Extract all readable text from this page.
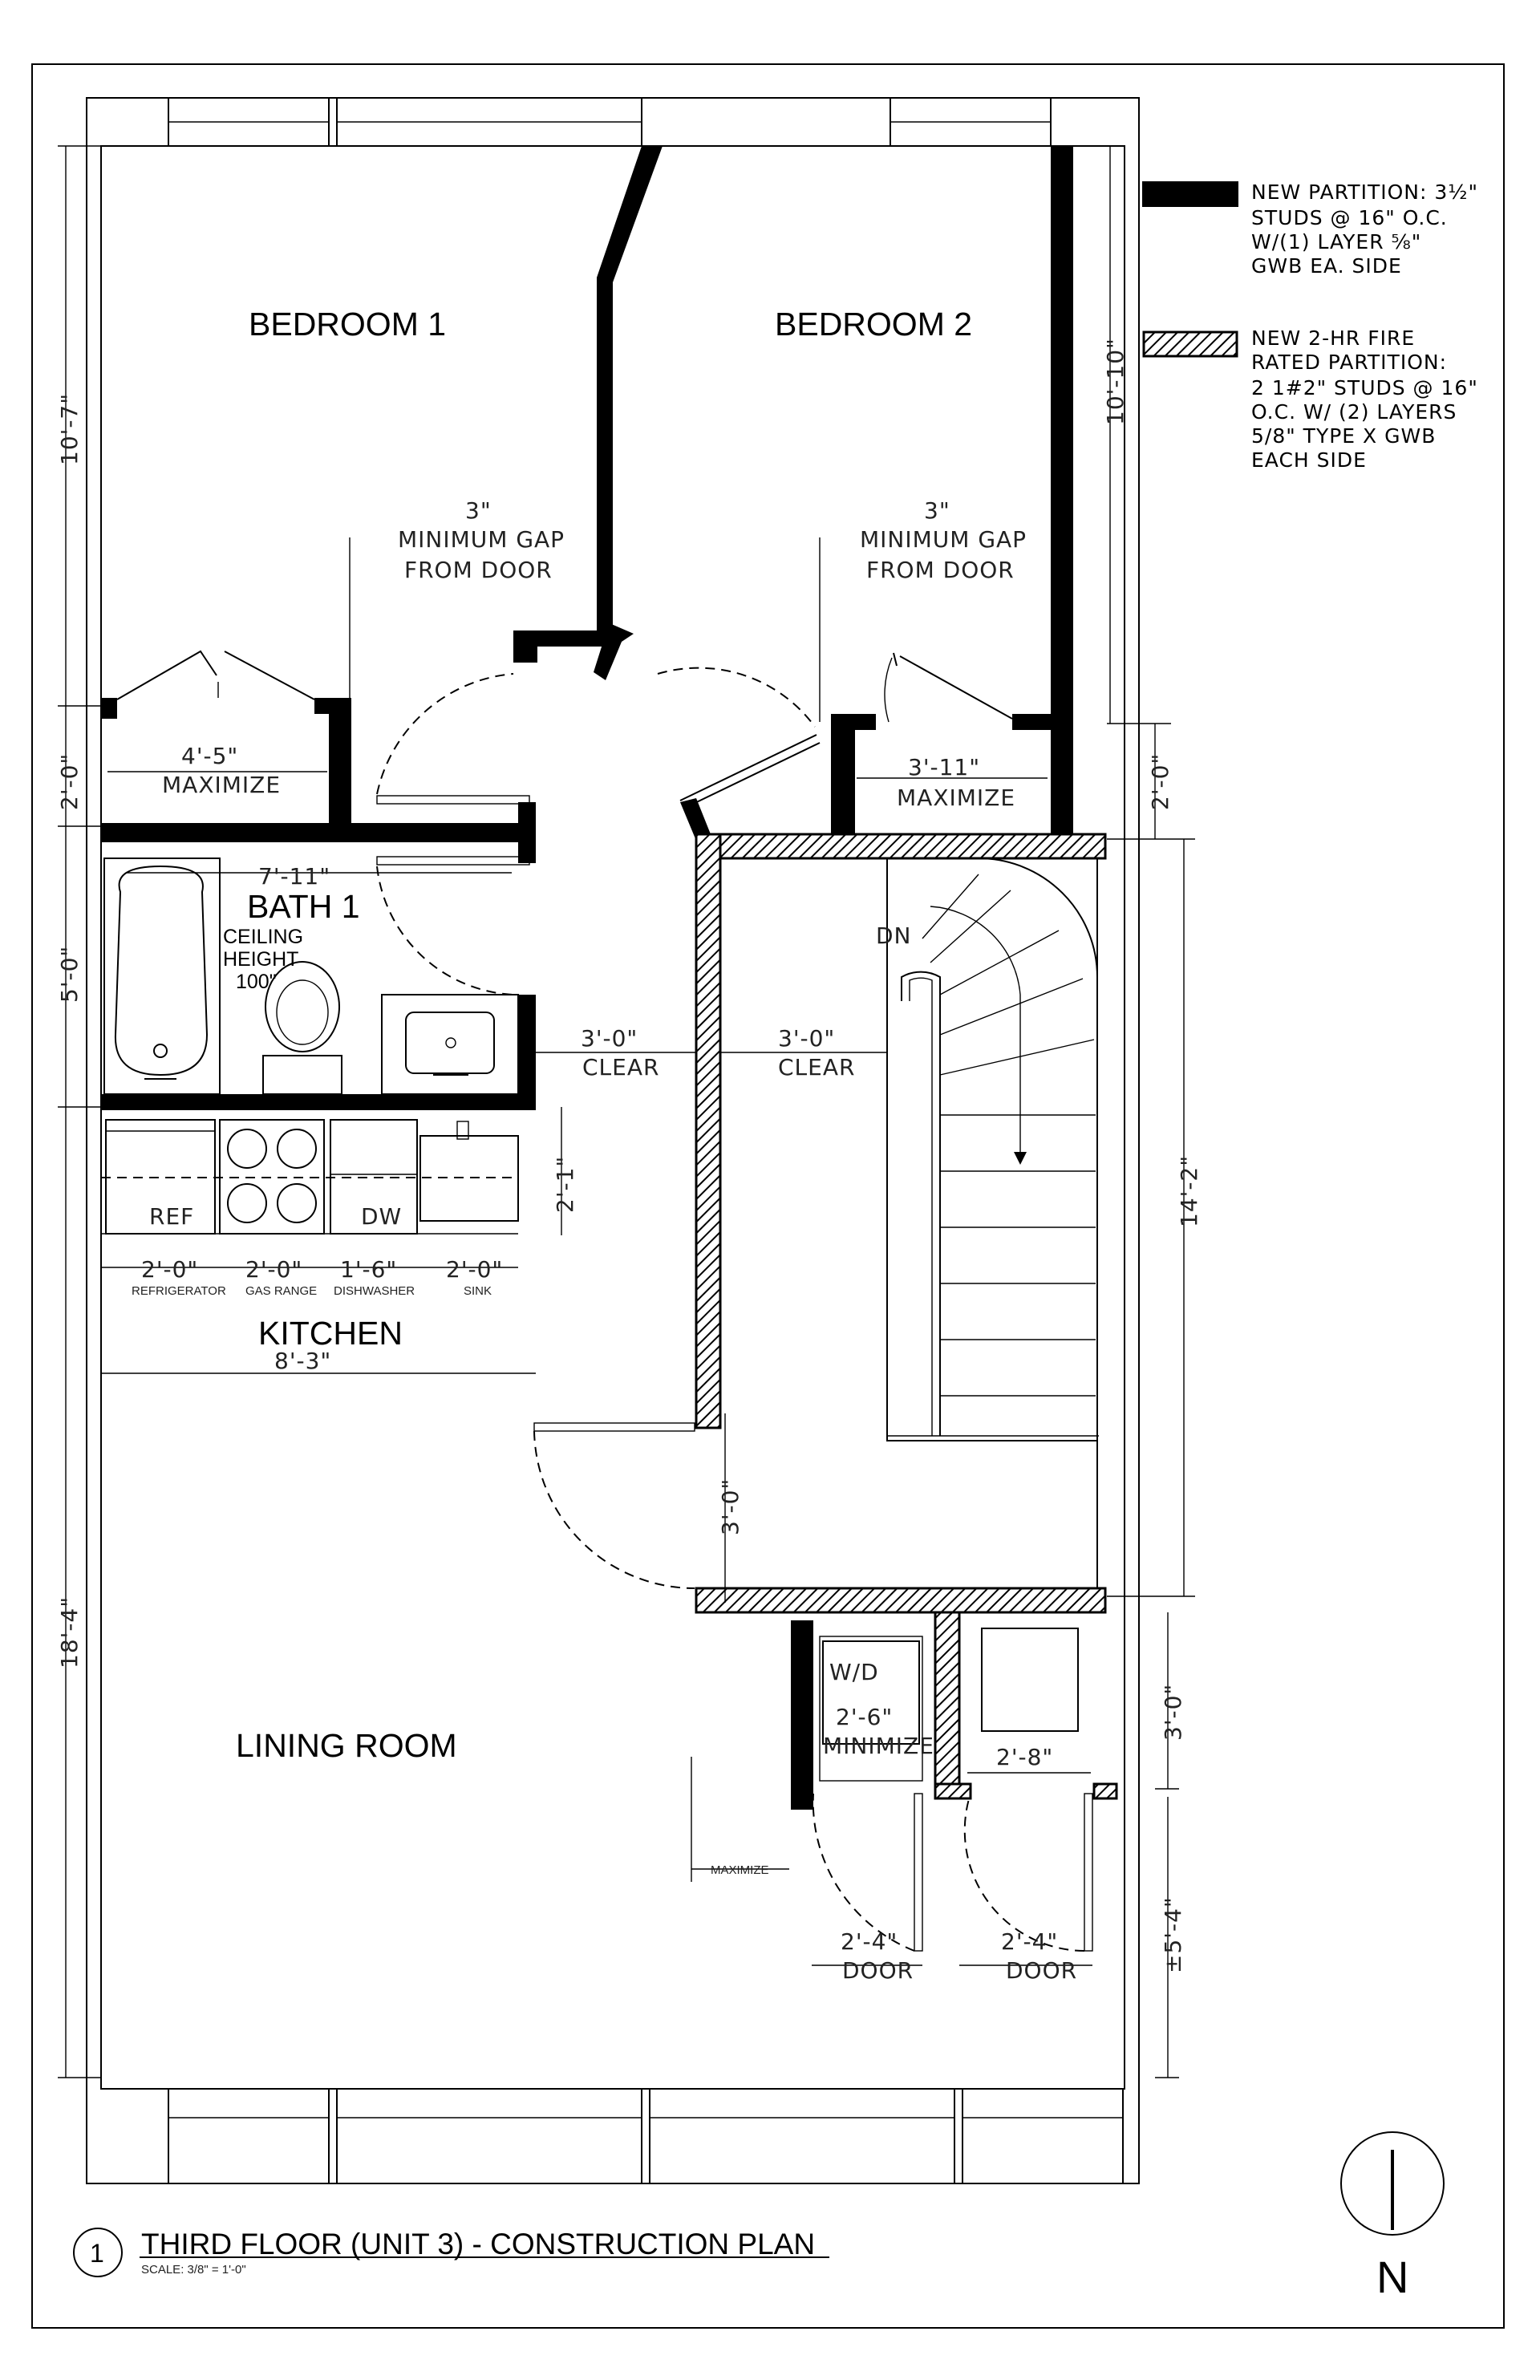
BEDROOM 1	BEDROOM 2
BATH 1
CEILING
HEIGHT
100"
KITCHEN
LINING ROOM
REF	DW
W/D
DN
NEW PARTITION: 3½" STUDS @ 16" O.C. W/(1) LAYER ⅝" GWB EA. SIDE
NEW 2-HR FIRE RATED PARTITION: 2 1#2" STUDS @ 16" O.C. W/ (2) LAYERS 5/8" TYPE X GWB EACH SIDE
10'-7"
2'-0"
5'-0"
18'-4"
10'-10"
2'-0"
14'-2"
3'-0"
±5'-4"
3"
MINIMUM GAP
FROM DOOR
3"
MINIMUM GAP
FROM DOOR
4'-5"
MAXIMIZE
3'-11"
MAXIMIZE
7'-11"
3'-0"
CLEAR
3'-0"
CLEAR
2'-1"
2'-0" 2'-0" 1'-6" 2'-0"
REFRIGERATOR GAS RANGE DISHWASHER	SINK
8'-3"
3'-0"
2'-6"
MINIMIZE	2'-8"
MAXIMIZE
2'-4"
DOOR
2'-4"
DOOR
1 THIRD FLOOR (UNIT 3) - CONSTRUCTION PLAN
SCALE: 3/8" = 1'-0"	N
